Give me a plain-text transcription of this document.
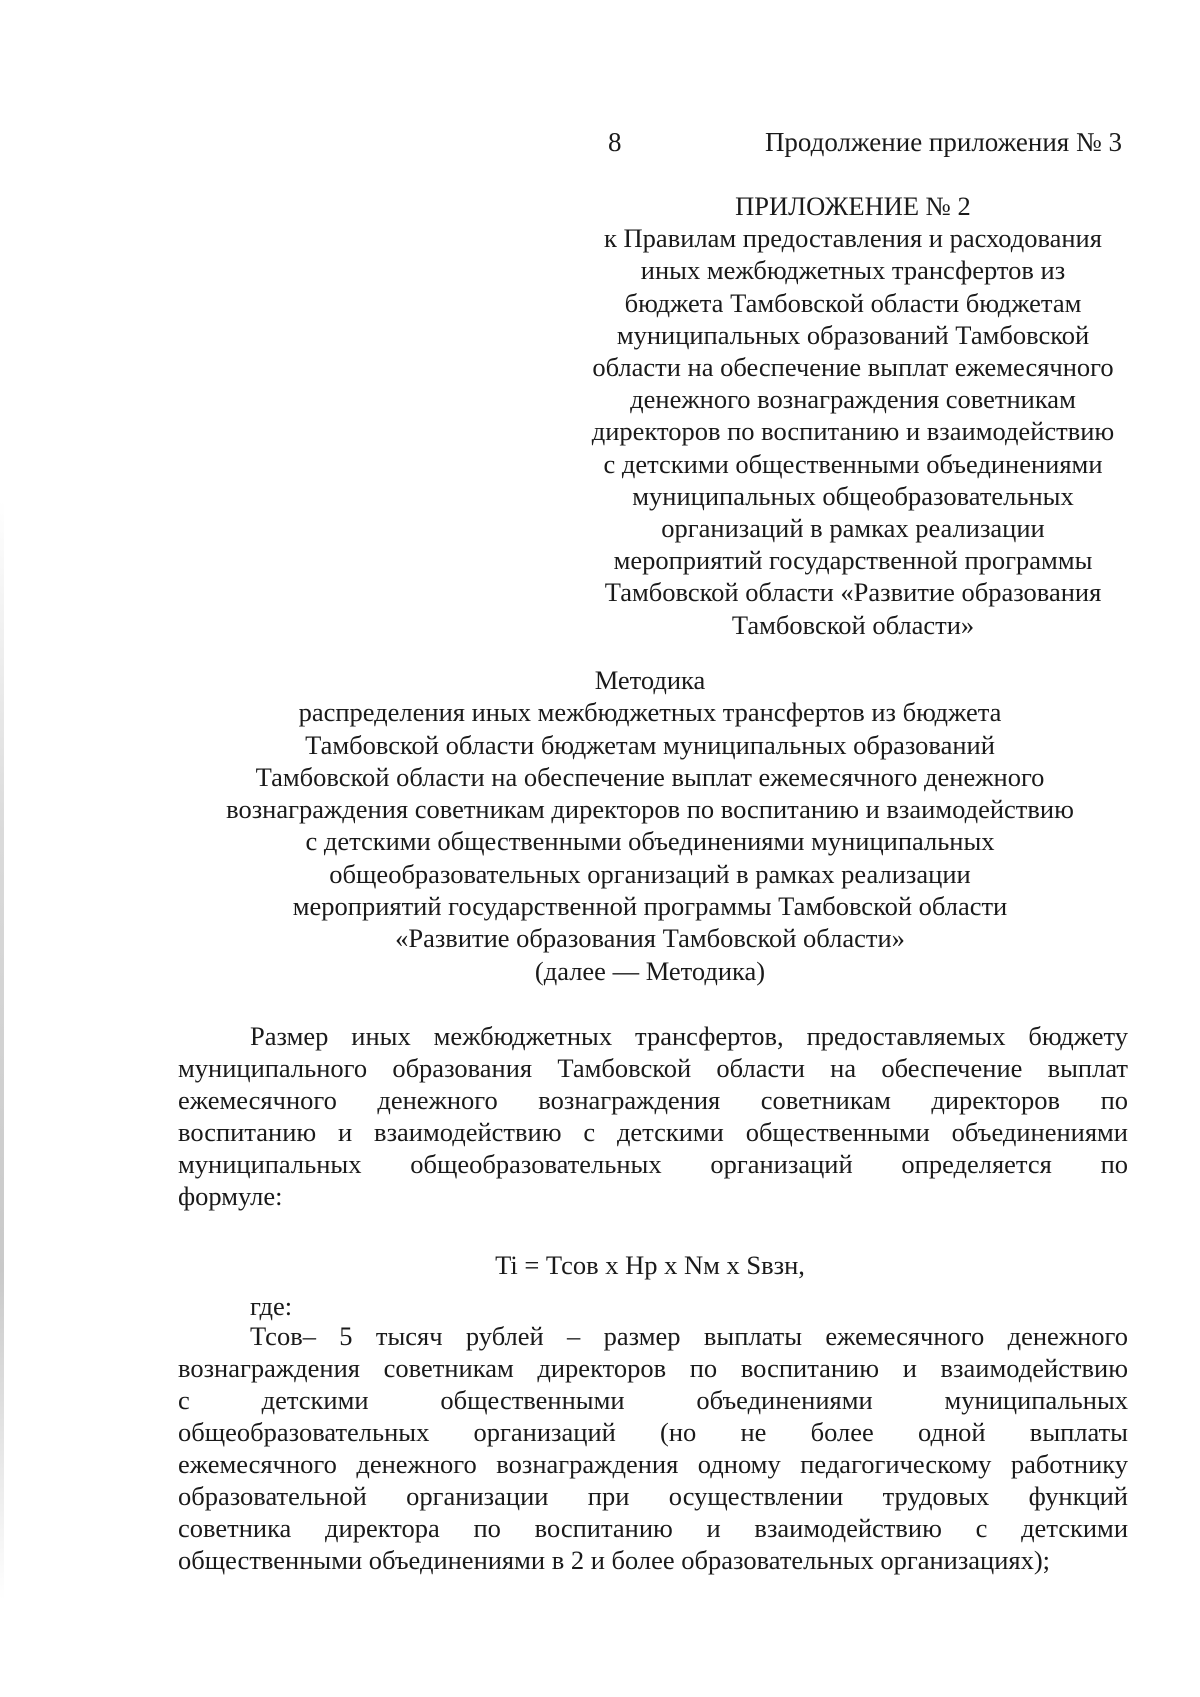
8	Продолжение приложения № 3
ПРИЛОЖЕНИЕ № 2
к Правилам предоставления и расходования
иных межбюджетных трансфертов из
бюджета Тамбовской области бюджетам
муниципальных образований Тамбовской
области на обеспечение выплат ежемесячного
денежного вознаграждения советникам
директоров по воспитанию и взаимодействию
с детскими общественными объединениями
муниципальных общеобразовательных
организаций в рамках реализации
мероприятий государственной программы
Тамбовской области «Развитие образования
Тамбовской области»
Методика
распределения иных межбюджетных трансфертов из бюджета
Тамбовской области бюджетам муниципальных образований
Тамбовской области на обеспечение выплат ежемесячного денежного
вознаграждения советникам директоров по воспитанию и взаимодействию
с детскими общественными объединениями муниципальных
общеобразовательных организаций в рамках реализации
мероприятий государственной программы Тамбовской области
«Развитие образования Тамбовской области»
(далее — Методика)
Размер иных межбюджетных трансфертов, предоставляемых бюджету
муниципального образования Тамбовской области на обеспечение выплат
ежемесячного денежного вознаграждения советникам директоров по
воспитанию и взаимодействию с детскими общественными объединениями
муниципальных общеобразовательных организаций определяется по
формуле:
Ti = Тсов x Hp x Nм x Sвзн,
где:
Тсов– 5 тысяч рублей – размер выплаты ежемесячного денежного
вознаграждения советникам директоров по воспитанию и взаимодействию
с детскими общественными объединениями муниципальных
общеобразовательных организаций (но не более одной выплаты
ежемесячного денежного вознаграждения одному педагогическому работнику
образовательной организации при осуществлении трудовых функций
советника директора по воспитанию и взаимодействию с детскими
общественными объединениями в 2 и более образовательных организациях);
